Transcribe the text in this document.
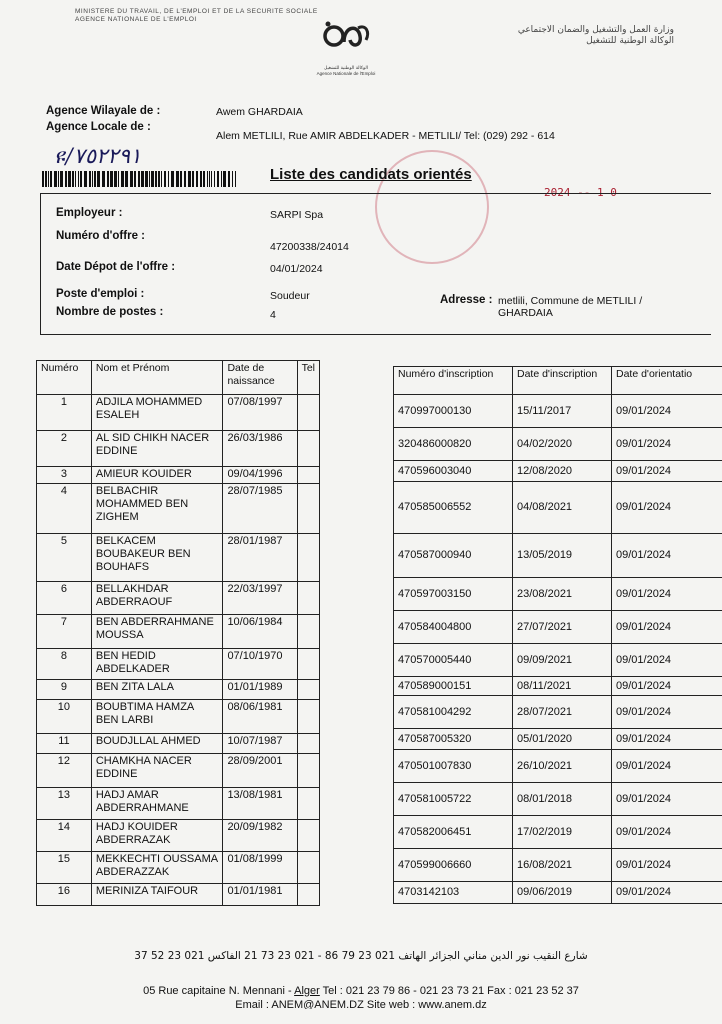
MINISTERE DU TRAVAIL, DE L'EMPLOI ET DE LA SECURITE SOCIALE
AGENCE NATIONALE DE L'EMPLOI
الوكالة الوطنية للتشغيل
Agence Nationale de l'Emploi
وزارة العمل والتشغيل والضمان الاجتماعي
الوكالة الوطنية للتشغيل
Agence Wilayale de :	Awem GHARDAIA
Agence Locale de :
Alem METLILI, Rue AMIR ABDELKADER - METLILI/ Tel: (029) 292 - 614
ዩ/٧٥٢٢٩١
Liste des candidats orientés
2024 -- 1 0
Employeur :	SARPI Spa
Numéro d'offre :
47200338/24014
Date Dépot de l'offre :	04/01/2024
Poste d'emploi :	Soudeur
Nombre de postes :	4
Adresse : metlili, Commune de METLILI / GHARDAIA
Numéro	Nom et Prénom	Date de naissance	Tel
1	ADJILA MOHAMMED ESALEH	07/08/1997	
2	AL SID CHIKH NACER EDDINE	26/03/1986	
3	AMIEUR KOUIDER	09/04/1996	
4	BELBACHIR MOHAMMED BEN ZIGHEM	28/07/1985	
5	BELKACEM BOUBAKEUR BEN BOUHAFS	28/01/1987	
6	BELLAKHDAR ABDERRAOUF	22/03/1997	
7	BEN ABDERRAHMANE MOUSSA	10/06/1984	
8	BEN HEDID ABDELKADER	07/10/1970	
9	BEN ZITA LALA	01/01/1989	
10	BOUBTIMA HAMZA BEN LARBI	08/06/1981	
11	BOUDJLLAL AHMED	10/07/1987	
12	CHAMKHA NACER EDDINE	28/09/2001	
13	HADJ AMAR ABDERRAHMANE	13/08/1981	
14	HADJ KOUIDER ABDERRAZAK	20/09/1982	
15	MEKKECHTI OUSSAMA ABDERAZZAK	01/08/1999	
16	MERINIZA TAIFOUR	01/01/1981	
Numéro d'inscription	Date d'inscription	Date d'orientatio
470997000130	15/11/2017	09/01/2024
320486000820	04/02/2020	09/01/2024
470596003040	12/08/2020	09/01/2024
470585006552	04/08/2021	09/01/2024
470587000940	13/05/2019	09/01/2024
470597003150	23/08/2021	09/01/2024
470584004800	27/07/2021	09/01/2024
470570005440	09/09/2021	09/01/2024
470589000151	08/11/2021	09/01/2024
470581004292	28/07/2021	09/01/2024
470587005320	05/01/2020	09/01/2024
470501007830	26/10/2021	09/01/2024
470581005722	08/01/2018	09/01/2024
470582006451	17/02/2019	09/01/2024
470599006660	16/08/2021	09/01/2024
4703142103	09/06/2019	09/01/2024
شارع النقيب نور الدين مناني الجزائر الهاتف 021 23 79 86 - 021 23 73 21 الفاكس 021 23 52 37
05 Rue capitaine N. Mennani - Alger Tel : 021 23 79 86 - 021 23 73 21 Fax : 021 23 52 37
Email : ANEM@ANEM.DZ Site web : www.anem.dz
